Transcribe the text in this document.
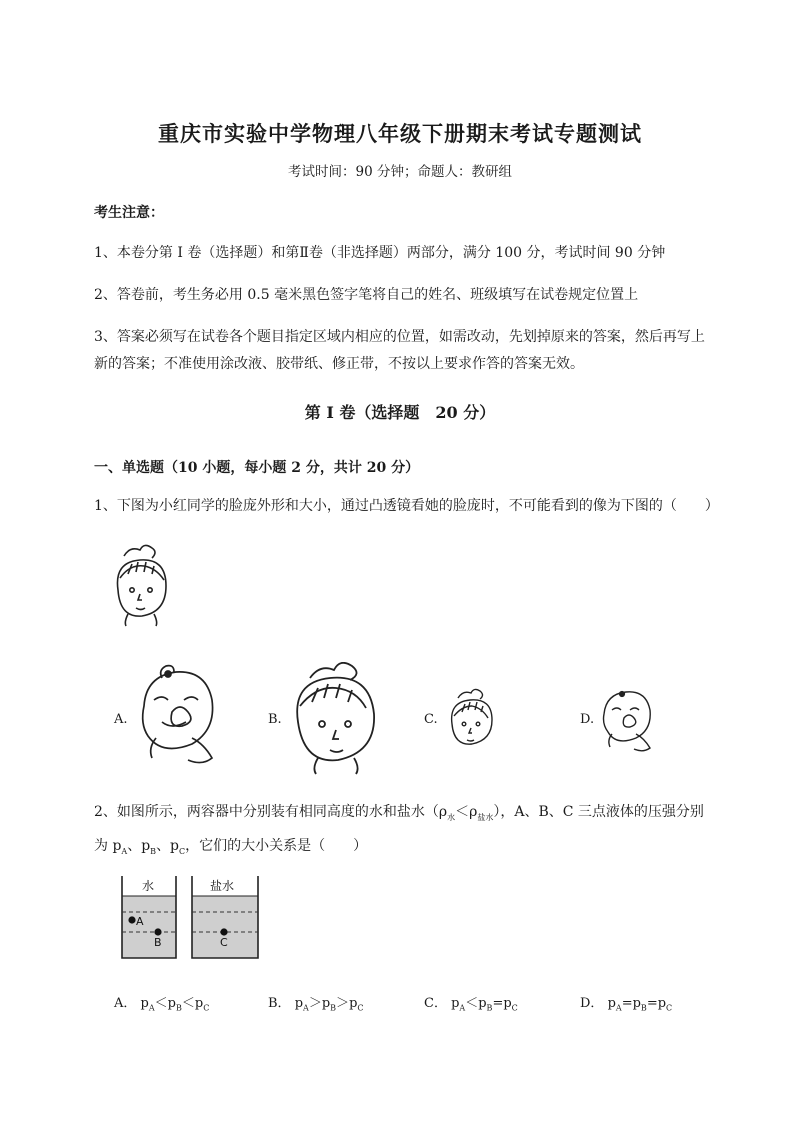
重庆市实验中学物理八年级下册期末考试专题测试
考试时间：90 分钟；命题人：教研组
考生注意：
1、本卷分第 I 卷（选择题）和第Ⅱ卷（非选择题）两部分，满分 100 分，考试时间 90 分钟
2、答卷前，考生务必用 0.5 毫米黑色签字笔将自己的姓名、班级填写在试卷规定位置上
3、答案必须写在试卷各个题目指定区域内相应的位置，如需改动，先划掉原来的答案，然后再写上新的答案；不准使用涂改液、胶带纸、修正带，不按以上要求作答的答案无效。
第 I 卷（选择题　20 分）
一、单选题（10 小题，每小题 2 分，共计 20 分）
1、下图为小红同学的脸庞外形和大小，通过凸透镜看她的脸庞时，不可能看到的像为下图的（　　）
A.	B.	C.	D.
2、如图所示，两容器中分别装有相同高度的水和盐水$(\rho_水<\rho_{盐水})$，A、B、C 三点液体的压强分别
为 $p_A$、$p_B$、$p_C$，它们的大小关系是（　　）
水	盐水
A
B	C
A． $p_A<p_B<p_C$	B． $p_A>p_B>p_C$	C． $p_A<p_B=p_C$	D． $p_A=p_B=p_C$
